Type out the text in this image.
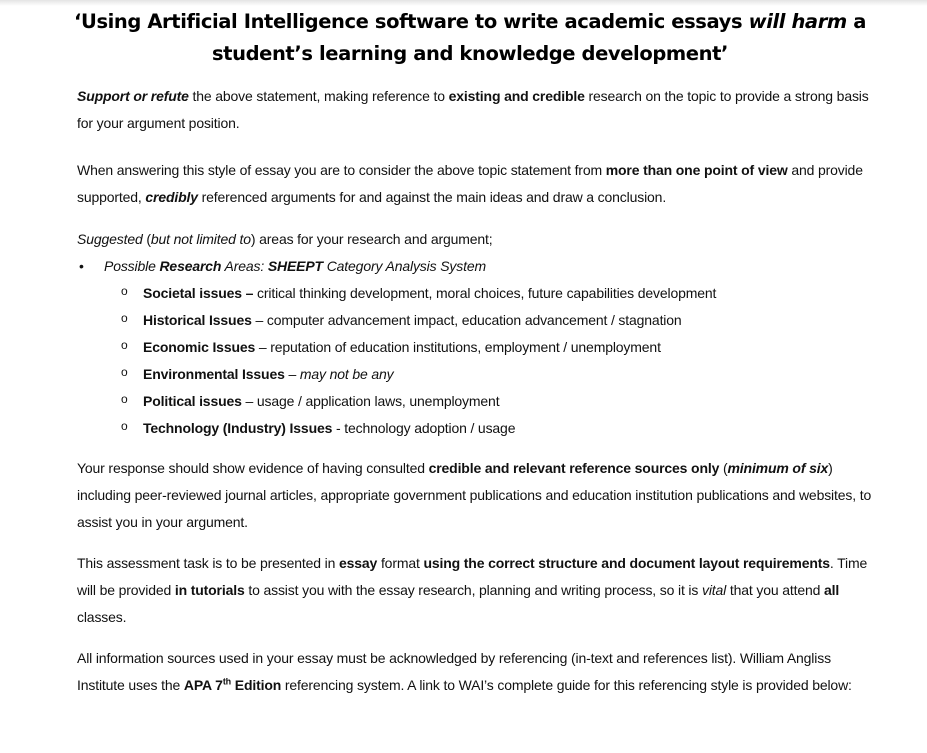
‘Using Artificial Intelligence software to write academic essays will harm a
student’s learning and knowledge development’
Support or refute the above statement, making reference to existing and credible research on the topic to provide a strong basis for your argument position.
When answering this style of essay you are to consider the above topic statement from more than one point of view and provide supported, credibly referenced arguments for and against the main ideas and draw a conclusion.
Suggested (but not limited to) areas for your research and argument;
• Possible Research Areas: SHEEPT Category Analysis System
o Societal issues – critical thinking development, moral choices, future capabilities development
o Historical Issues – computer advancement impact, education advancement / stagnation
o Economic Issues – reputation of education institutions, employment / unemployment
o Environmental Issues – may not be any
o Political issues – usage / application laws, unemployment
o Technology (Industry) Issues - technology adoption / usage
Your response should show evidence of having consulted credible and relevant reference sources only (minimum of six) including peer-reviewed journal articles, appropriate government publications and education institution publications and websites, to assist you in your argument.
This assessment task is to be presented in essay format using the correct structure and document layout requirements. Time will be provided in tutorials to assist you with the essay research, planning and writing process, so it is vital that you attend all classes.
All information sources used in your essay must be acknowledged by referencing (in-text and references list). William Angliss Institute uses the APA 7th Edition referencing system. A link to WAI’s complete guide for this referencing style is provided below:
